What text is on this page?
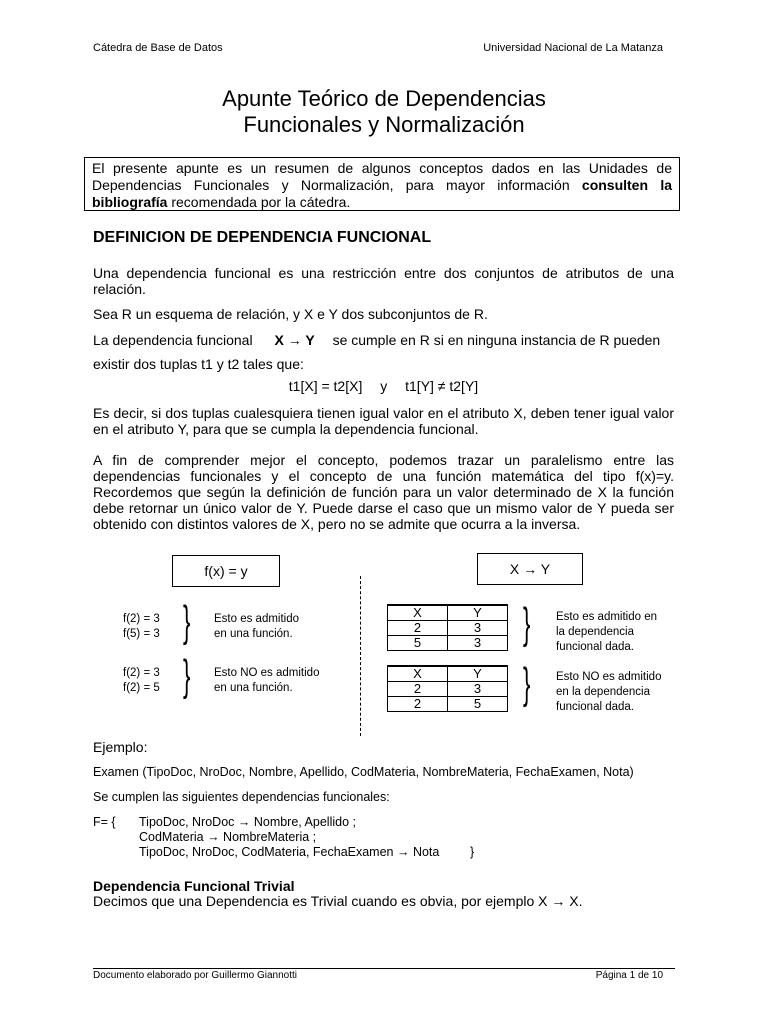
Cátedra de Base de Datos	Universidad Nacional de La Matanza
Apunte Teórico de Dependencias
Funcionales y Normalización
El presente apunte es un resumen de algunos conceptos dados en las Unidades de Dependencias Funcionales y Normalización, para mayor información consulten la bibliografía recomendada por la cátedra.
DEFINICION DE DEPENDENCIA FUNCIONAL
Una dependencia funcional es una restricción entre dos conjuntos de atributos de una relación.
Sea R un esquema de relación, y X e Y dos subconjuntos de R.
La dependencia funcional X → Y se cumple en R si en ninguna instancia de R pueden
existir dos tuplas t1 y t2 tales que:
t1[X] = t2[X] y t1[Y] ≠ t2[Y]
Es decir, si dos tuplas cualesquiera tienen igual valor en el atributo X, deben tener igual valor en el atributo Y, para que se cumpla la dependencia funcional.
A fin de comprender mejor el concepto, podemos trazar un paralelismo entre las dependencias funcionales y el concepto de una función matemática del tipo f(x)=y. Recordemos que según la definición de función para un valor determinado de X la función debe retornar un único valor de Y. Puede darse el caso que un mismo valor de Y pueda ser obtenido con distintos valores de X, pero no se admite que ocurra a la inversa.
f(x) = y	X → Y
f(2) = 3
f(5) = 3 } Esto es admitido
en una función.
f(2) = 3
f(2) = 5 } Esto NO es admitido
en una función.
X	Y
2	3
5	3 } Esto es admitido en
la dependencia
funcional dada.
X	Y
2	3
2	5 } Esto NO es admitido
en la dependencia
funcional dada.
Ejemplo:
Examen (TipoDoc, NroDoc, Nombre, Apellido, CodMateria, NombreMateria, FechaExamen, Nota)
Se cumplen las siguientes dependencias funcionales:
F= { TipoDoc, NroDoc → Nombre, Apellido ;
CodMateria → NombreMateria ;
TipoDoc, NroDoc, CodMateria, FechaExamen → Nota }
Dependencia Funcional Trivial
Decimos que una Dependencia es Trivial cuando es obvia, por ejemplo X → X.
Documento elaborado por Guillermo Giannotti	Página 1 de 10
